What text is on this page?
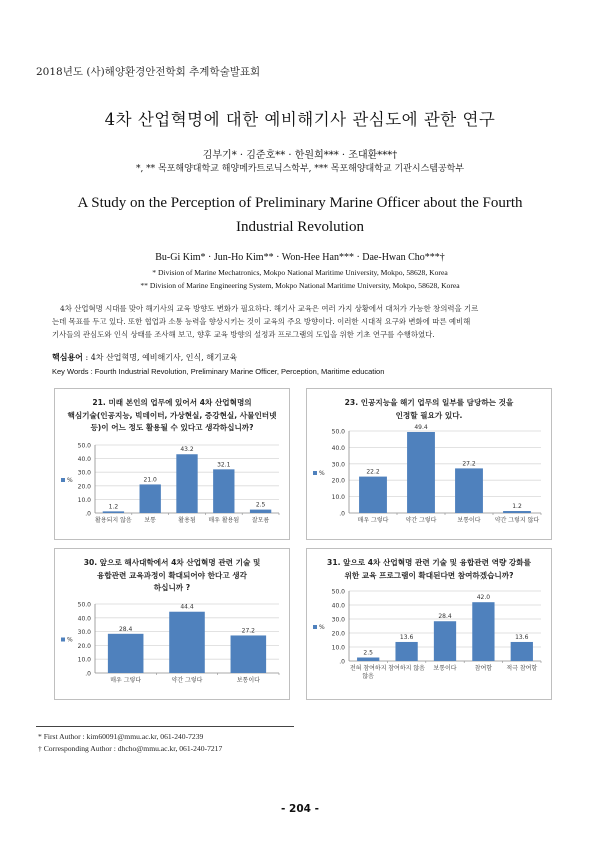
2018년도 (사)해양환경안전학회 추계학술발표회
4차 산업혁명에 대한 예비해기사 관심도에 관한 연구
김부기* · 김준호** · 한원희*** · 조대환***†
*, ** 목포해양대학교 해양메카트로닉스학부, *** 목포해양대학교 기관시스템공학부
A Study on the Perception of Preliminary Marine Officer about the Fourth
Industrial Revolution
Bu-Gi Kim* · Jun-Ho Kim** · Won-Hee Han*** · Dae-Hwan Cho***†
* Division of Marine Mechatronics, Mokpo National Maritime University, Mokpo, 58628, Korea
** Division of Marine Engineering System, Mokpo National Maritime University, Mokpo, 58628, Korea
4차 산업혁명 시대를 맞아 해기사의 교육 방향도 변화가 필요하다. 해기사 교육은 여러 가지 상황에서 대처가 가능한 창의력을 기르
는데 목표를 두고 있다. 또한 협업과 소통 능력을 향상시키는 것이 교육의 주요 방향이다. 이러한 시대적 요구와 변화에 따른 예비해
기사들의 관심도와 인식 상태를 조사해 보고, 향후 교육 방향의 설정과 프로그램의 도입을 위한 기초 연구를 수행하였다.
핵심용어 : 4차 산업혁명, 예비해기사, 인식, 해기교육
Key Words : Fourth Industrial Revolution, Preliminary Marine Officer, Perception, Maritime education
21. 미래 본인의 업무에 있어서 4차 산업혁명의
핵심기술(인공지능, 빅데이터, 가상현실, 증강현실, 사물인터넷
등)이 어느 정도 활용될 수 있다고 생각하십니까?
50.0
40.0
30.0
20.0
10.0
.0
1.2
활용되지 않음
21.0
보통
43.2
활용됨
32.1
매우 활용됨
2.5
잘모름
%
23. 인공지능을 해기 업무의 일부를 담당하는 것을
인정할 필요가 있다.
50.0
40.0
30.0
20.0
10.0
.0
22.2
매우 그렇다
49.4
약간 그렇다
27.2
보통이다
1.2
약간 그렇지 않다
%
30. 앞으로 해사대학에서 4차 산업혁명 관련 기술 및
융합관련 교육과정이 확대되어야 한다고 생각
하십니까 ?
50.0
40.0
30.0
20.0
10.0
.0
28.4
매우 그렇다
44.4
약간 그렇다
27.2
보통이다
%
31. 앞으로 4차 산업혁명 관련 기술 및 융합관련 역량 강화를
위한 교육 프로그램이 확대된다면 참여하겠습니까?
50.0
40.0
30.0
20.0
10.0
.0
2.5
전혀 참여하지
않음
13.6
참여하지 않음
28.4
보통이다
42.0
참여함
13.6
적극 참여함
%
* First Author : kim60091@mmu.ac.kr, 061-240-7239
† Corresponding Author : dhcho@mmu.ac.kr, 061-240-7217
- 204 -
